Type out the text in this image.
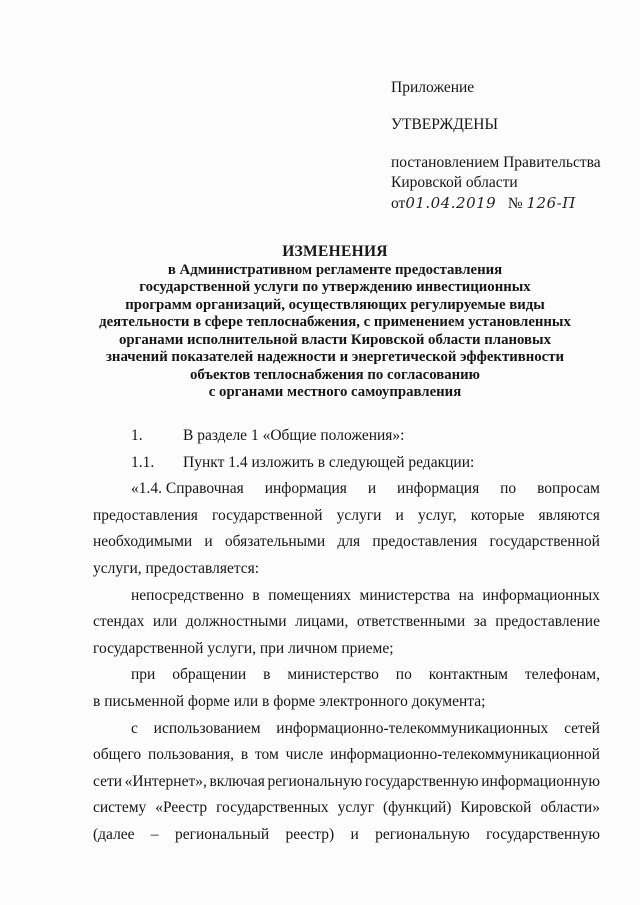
Приложение
УТВЕРЖДЕНЫ
постановлением Правительства
Кировской области
от01.04.2019 № 126-П
ИЗМЕНЕНИЯ
в Административном регламенте предоставления
государственной услуги по утверждению инвестиционных
программ организаций, осуществляющих регулируемые виды
деятельности в сфере теплоснабжения, с применением установленных
органами исполнительной власти Кировской области плановых
значений показателей надежности и энергетической эффективности
объектов теплоснабжения по согласованию
с органами местного самоуправления
1.	В разделе 1 «Общие положения»:
1.1.	Пункт 1.4 изложить в следующей редакции:
«1.4. Справочная информация и информация по вопросам
предоставления государственной услуги и услуг, которые являются
необходимыми и обязательными для предоставления государственной
услуги, предоставляется:
непосредственно в помещениях министерства на информационных
стендах или должностными лицами, ответственными за предоставление
государственной услуги, при личном приеме;
при обращении в министерство по контактным телефонам,
в письменной форме или в форме электронного документа;
с использованием информационно-телекоммуникационных сетей
общего пользования, в том числе информационно-телекоммуникационной
сети «Интернет», включая региональную государственную информационную
систему «Реестр государственных услуг (функций) Кировской области»
(далее – региональный реестр) и региональную государственную
